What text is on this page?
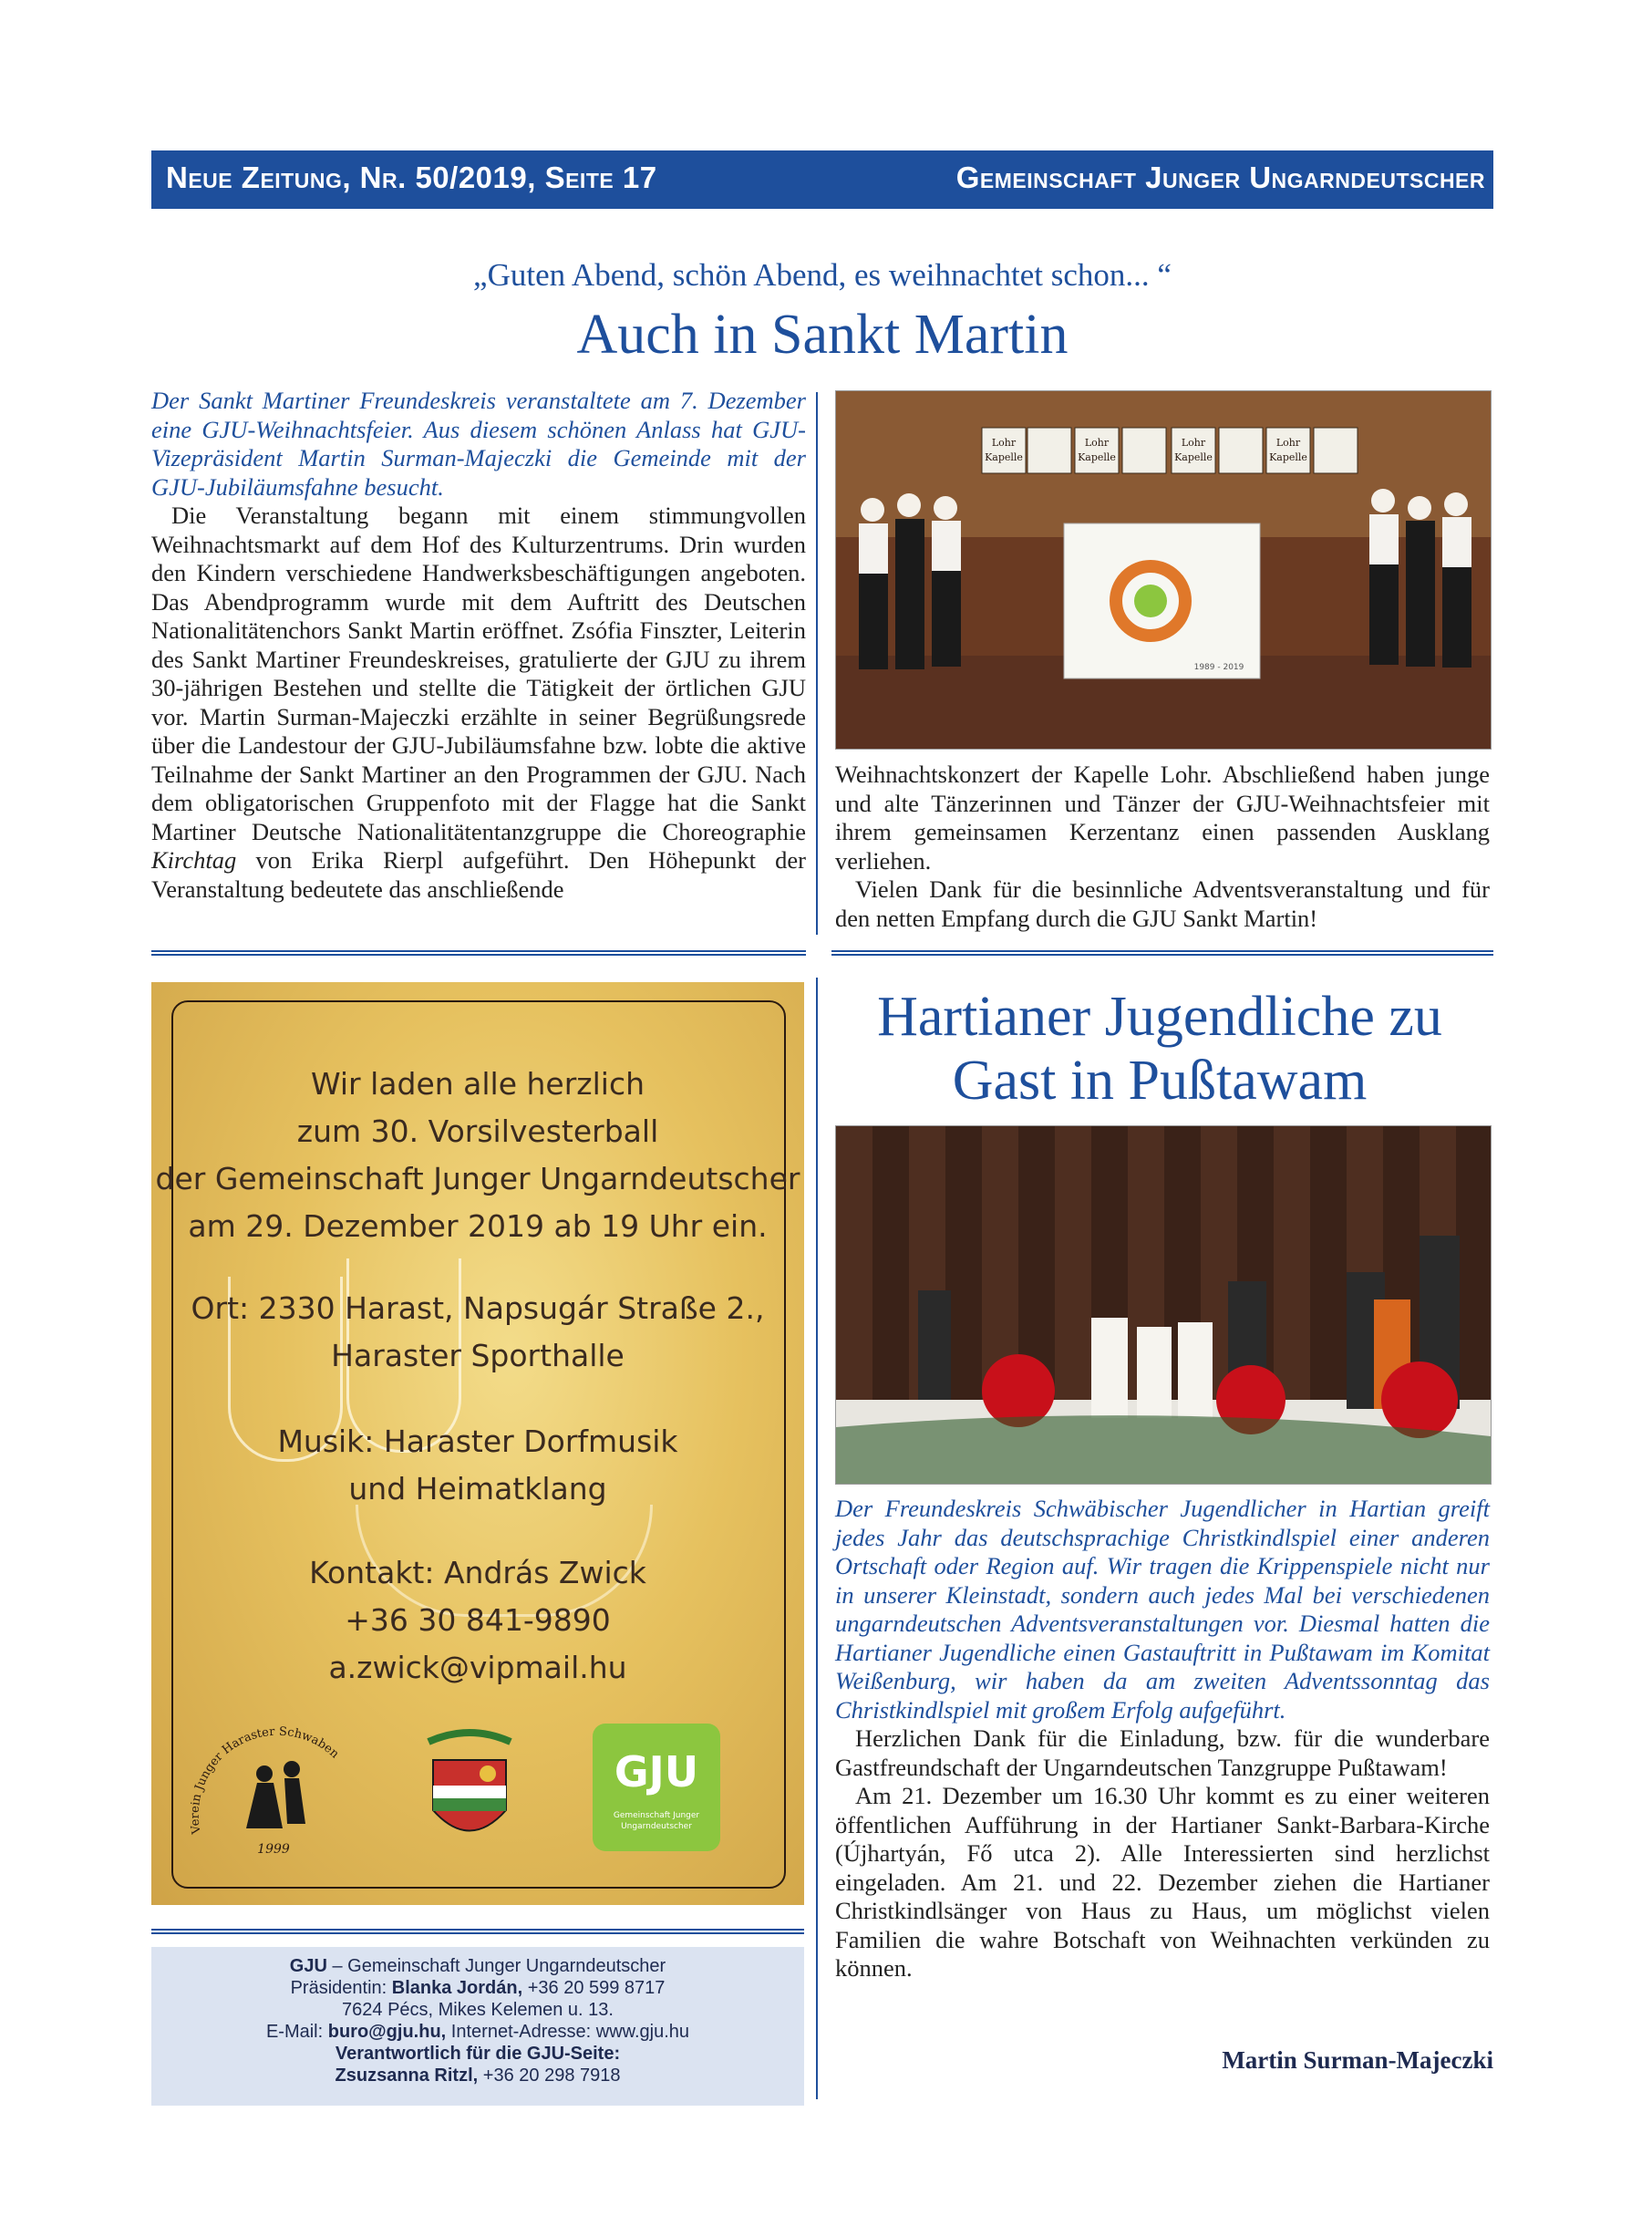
Neue Zeitung, Nr. 50/2019, Seite 17	Gemeinschaft Junger Ungarndeutscher
„Guten Abend, schön Abend, es weihnachtet schon... “
Auch in Sankt Martin

Der Sankt Martiner Freundeskreis veranstaltete am 7. Dezember eine GJU-Weihnachtsfeier. Aus diesem schönen Anlass hat GJU-Vizepräsident Martin Surman-Majeczki die Gemeinde mit der GJU-Jubiläumsfahne besucht.

Die Veranstaltung begann mit einem stimmungvollen Weihnachtsmarkt auf dem Hof des Kulturzentrums. Drin wurden den Kindern verschiedene Handwerksbeschäftigungen angeboten. Das Abendprogramm wurde mit dem Auftritt des Deutschen Nationalitätenchors Sankt Martin eröffnet. Zsófia Finszter, Leiterin des Sankt Martiner Freundeskreises, gratulierte der GJU zu ihrem 30-jährigen Bestehen und stellte die Tätigkeit der örtlichen GJU vor. Martin Surman-Majeczki erzählte in seiner Begrüßungsrede über die Landestour der GJU-Jubiläumsfahne bzw. lobte die aktive Teilnahme der Sankt Martiner an den Programmen der GJU. Nach dem obligatorischen Gruppenfoto mit der Flagge hat die Sankt Martiner Deutsche Nationalitätentanzgruppe die Choreographie Kirchtag von Erika Rierpl aufgeführt. Den Höhepunkt der Veranstaltung bedeutete das anschließende

Lohr
Kapelle
Lohr
Kapelle
Lohr
Kapelle
Lohr
Kapelle
1989 - 2019

Weihnachtskonzert der Kapelle Lohr. Abschließend haben junge und alte Tänzerinnen und Tänzer der GJU-Weihnachtsfeier mit ihrem gemeinsamen Kerzentanz einen passenden Ausklang verliehen.

Vielen Dank für die besinnliche Adventsveranstaltung und für den netten Empfang durch die GJU Sankt Martin!

Wir laden alle herzlich
zum 30. Vorsilvesterball
der Gemeinschaft Junger Ungarndeutscher
am 29. Dezember 2019 ab 19 Uhr ein.
Ort: 2330 Harast, Napsugár Straße 2.,
Haraster Sporthalle
Musik: Haraster Dorfmusik
und Heimatklang
Kontakt: András Zwick
+36 30 841-9890
a.zwick@vipmail.hu
Verein Junger Haraster Schwaben
1999
GJU
Gemeinschaft Junger
Ungarndeutscher
GJU – Gemeinschaft Junger Ungarndeutscher
Präsidentin: Blanka Jordán, +36 20 599 8717
7624 Pécs, Mikes Kelemen u. 13.
E-Mail: buro@gju.hu, Internet-Adresse: www.gju.hu
Verantwortlich für die GJU-Seite:
Zsuzsanna Ritzl, +36 20 298 7918
Hartianer Jugendliche zu
Gast in Pußtawam

Der Freundeskreis Schwäbischer Jugendlicher in Hartian greift jedes Jahr das deutschsprachige Christkindlspiel einer anderen Ortschaft oder Region auf. Wir tragen die Krippenspiele nicht nur in unserer Kleinstadt, sondern auch jedes Mal bei verschiedenen ungarndeutschen Adventsveranstaltungen vor. Diesmal hatten die Hartianer Jugendliche einen Gastauftritt in Pußtawam im Komitat Weißenburg, wir haben da am zweiten Adventssonntag das Christkindlspiel mit großem Erfolg aufgeführt.

Herzlichen Dank für die Einladung, bzw. für die wunderbare Gastfreundschaft der Ungarndeutschen Tanzgruppe Pußtawam!

Am 21. Dezember um 16.30 Uhr kommt es zu einer weiteren öffentlichen Aufführung in der Hartianer Sankt-Barbara-Kirche (Újhartyán, Fő utca 2). Alle Interessierten sind herzlichst eingeladen. Am 21. und 22. Dezember ziehen die Hartianer Christkindlsänger von Haus zu Haus, um möglichst vielen Familien die wahre Botschaft von Weihnachten verkünden zu können.

Martin Surman-Majeczki
